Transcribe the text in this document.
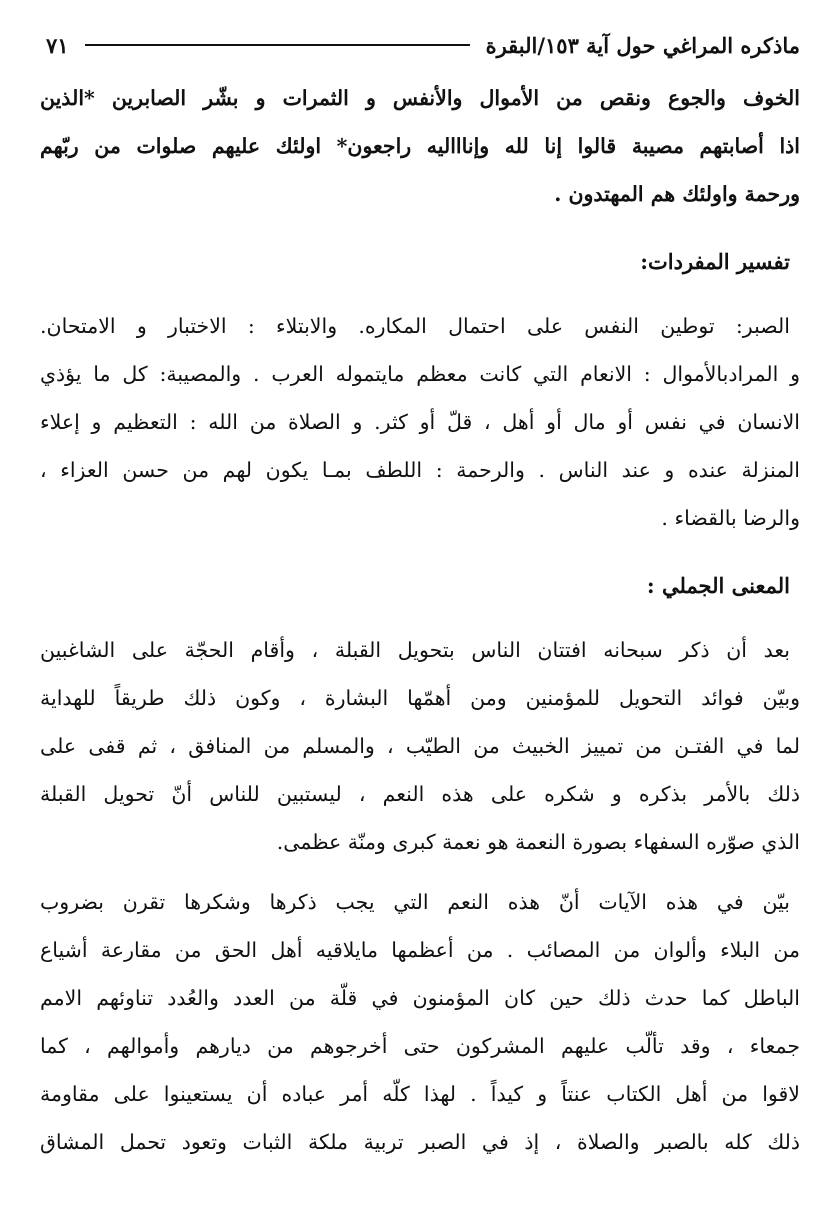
ماذكره المراغي حول آية ١٥٣/البقرة
٧١
الخوف والجوع ونقص من الأموال والأنفس و الثمرات و بشّر الصابرين *الذين
اذا أصابتهم مصيبة قالوا إنا لله وإناااليه راجعون* اولئك عليهم صلوات من ربّهم
ورحمة واولئك هم المهتدون .
تفسير المفردات:
الصبر: توطين النفس على احتمال المكاره. والابتلاء : الاختبار و الامتحان.
و المرادبالأموال : الانعام التي كانت معظم مايتموله العرب . والمصيبة: كل ما يؤذي
الانسان في نفس أو مال أو أهل ، قلّ أو كثر. و الصلاة من الله : التعظيم و إعلاء
المنزلة عنده و عند الناس . والرحمة : اللطف بمـا يكون لهم من حسن العزاء ،
والرضا بالقضاء .
المعنى الجملي :
بعد أن ذكر سبحانه افتتان الناس بتحويل القبلة ، وأقام الحجّة على الشاغبين
وبيّن فوائد التحويل للمؤمنين ومن أهمّها البشارة ، وكون ذلك طريقاً للهداية
لما في الفتـن من تمييز الخبيث من الطيّب ، والمسلم من المنافق ، ثم قفى على
ذلك بالأمر بذكره و شكره على هذه النعم ، ليستبين للناس أنّ تحويل القبلة
الذي صوّره السفهاء بصورة النعمة هو نعمة كبرى ومنّة عظمى.
بيّن في هذه الآيات أنّ هذه النعم التي يجب ذكرها وشكرها تقرن بضروب
من البلاء وألوان من المصائب . من أعظمها مايلاقيه أهل الحق من مقارعة أشياع
الباطل كما حدث ذلك حين كان المؤمنون في قلّة من العدد والعُدد تناوئهم الامم
جمعاء ، وقد تألّب عليهم المشركون حتى أخرجوهم من ديارهم وأموالهم ، كما
لاقوا من أهل الكتاب عنتاً و كيداً . لهذا كلّه أمر عباده أن يستعينوا على مقاومة
ذلك كله بالصبر والصلاة ، إذ في الصبر تربية ملكة الثبات وتعود تحمل المشاق
